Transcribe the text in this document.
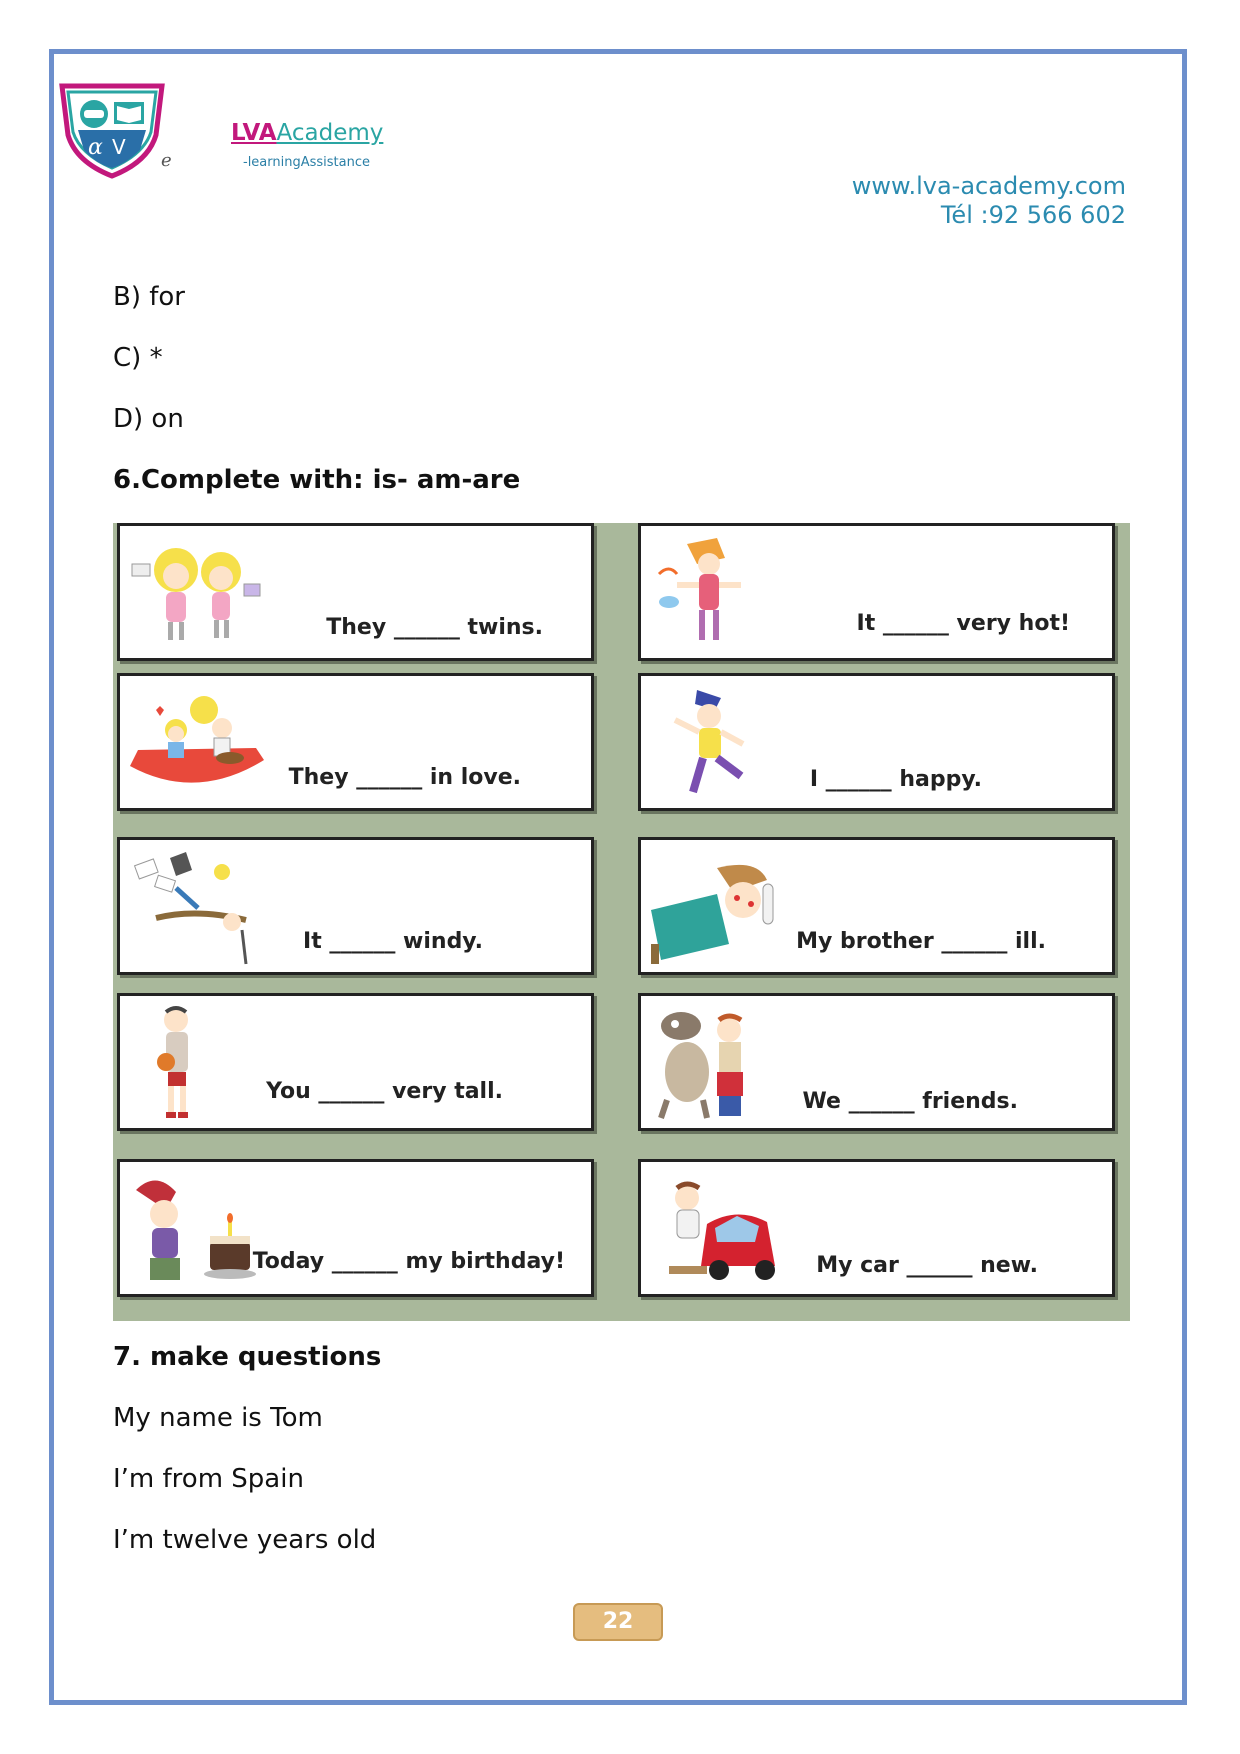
α V
e
LVAAcademy
-learningAssistance
www.lva-academy.com
Tél :92 566 602
B) for
C) *
D) on
6.Complete with: is- am-are
They ______ twins.	It ______ very hot!
They ______ in love.	I ______ happy.
It ______ windy.	My brother ______ ill.
You ______ very tall.	We ______ friends.
Today ______ my birthday!	My car ______ new.
7. make questions
My name is Tom
I’m from Spain
I’m twelve years old
22
